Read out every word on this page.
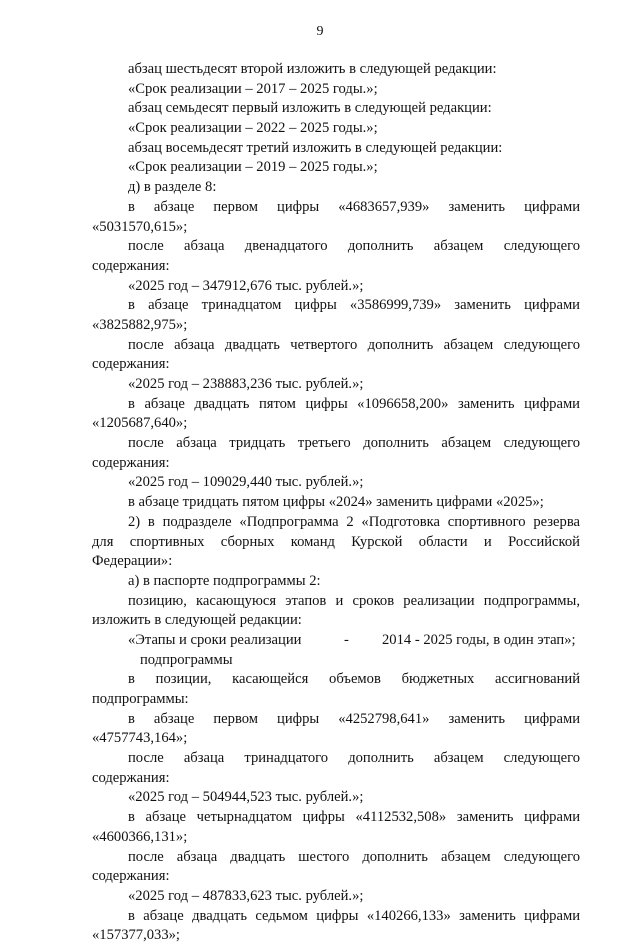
9
абзац шестьдесят второй изложить в следующей редакции:
«Срок реализации – 2017 – 2025 годы.»;
абзац семьдесят первый изложить в следующей редакции:
«Срок реализации – 2022 – 2025 годы.»;
абзац восемьдесят третий изложить в следующей редакции:
«Срок реализации – 2019 – 2025 годы.»;
д) в разделе 8:
в абзаце первом цифры «4683657,939» заменить цифрами
«5031570,615»;
после абзаца двенадцатого дополнить абзацем следующего
содержания:
«2025 год – 347912,676 тыс. рублей.»;
в абзаце тринадцатом цифры «3586999,739» заменить цифрами
«3825882,975»;
после абзаца двадцать четвертого дополнить абзацем следующего
содержания:
«2025 год – 238883,236 тыс. рублей.»;
в абзаце двадцать пятом цифры «1096658,200» заменить цифрами
«1205687,640»;
после абзаца тридцать третьего дополнить абзацем следующего
содержания:
«2025 год – 109029,440 тыс. рублей.»;
в абзаце тридцать пятом цифры «2024» заменить цифрами «2025»;
2) в подразделе «Подпрограмма 2 «Подготовка спортивного резерва
для спортивных сборных команд Курской области и Российской
Федерации»:
а) в паспорте подпрограммы 2:
позицию, касающуюся этапов и сроков реализации подпрограммы,
изложить в следующей редакции:
«Этапы и сроки реализации	- 2014 - 2025 годы, в один этап»;
подпрограммы
в позиции, касающейся объемов бюджетных ассигнований
подпрограммы:
в абзаце первом цифры «4252798,641» заменить цифрами
«4757743,164»;
после абзаца тринадцатого дополнить абзацем следующего
содержания:
«2025 год – 504944,523 тыс. рублей.»;
в абзаце четырнадцатом цифры «4112532,508» заменить цифрами
«4600366,131»;
после абзаца двадцать шестого дополнить абзацем следующего
содержания:
«2025 год – 487833,623 тыс. рублей.»;
в абзаце двадцать седьмом цифры «140266,133» заменить цифрами
«157377,033»;
